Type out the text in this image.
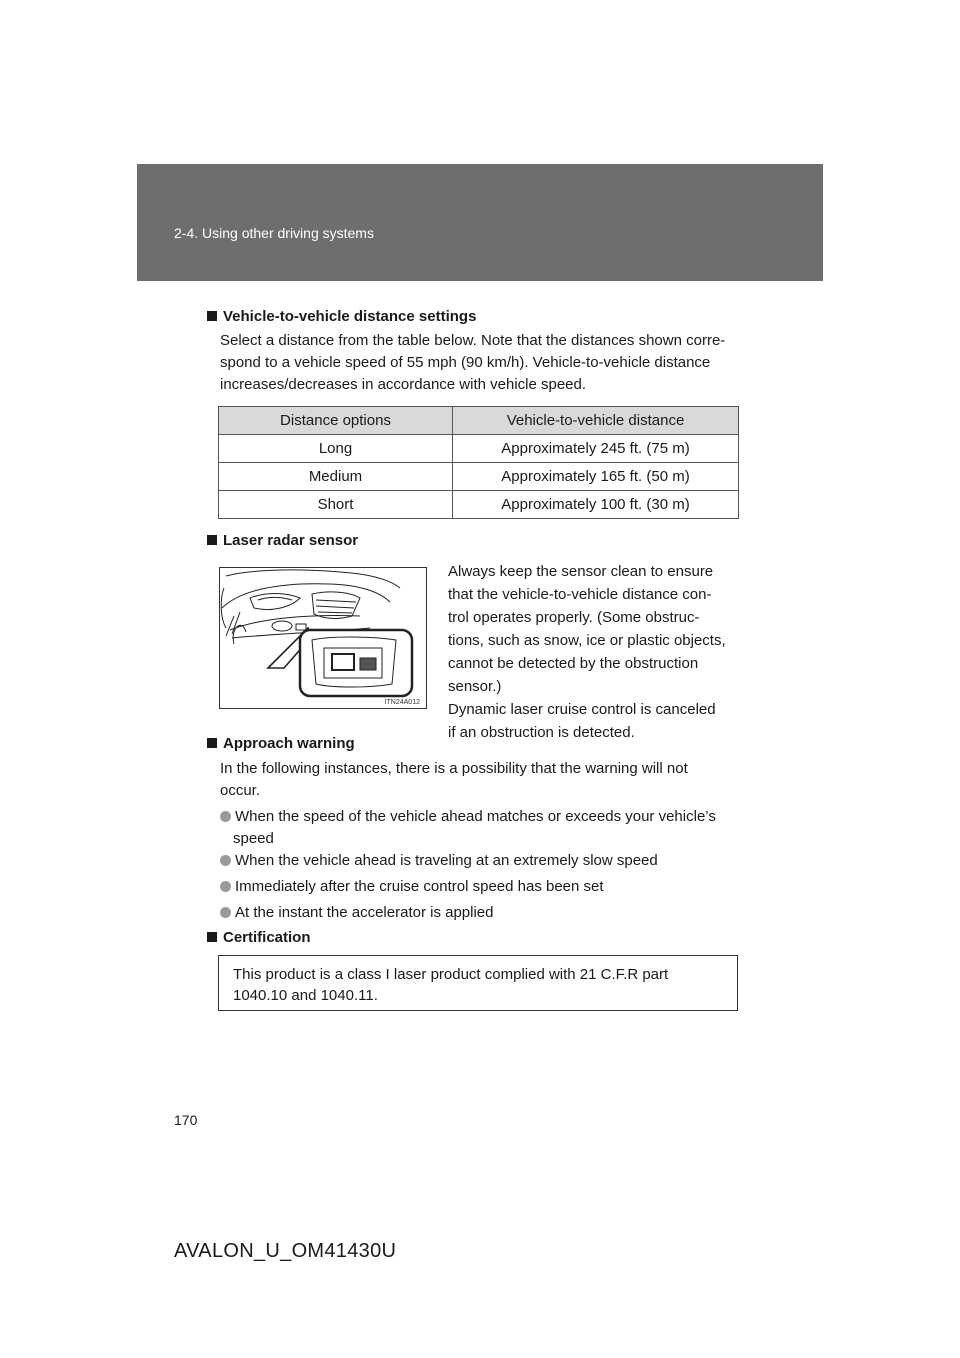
2-4. Using other driving systems
Vehicle-to-vehicle distance settings
Select a distance from the table below. Note that the distances shown corre-
spond to a vehicle speed of 55 mph (90 km/h). Vehicle-to-vehicle distance
increases/decreases in accordance with vehicle speed.
Distance options	Vehicle-to-vehicle distance
Long	Approximately 245 ft. (75 m)
Medium	Approximately 165 ft. (50 m)
Short	Approximately 100 ft. (30 m)
Laser radar sensor
ITN24A012
Always keep the sensor clean to ensure
that the vehicle-to-vehicle distance con-
trol operates properly. (Some obstruc-
tions, such as snow, ice or plastic objects,
cannot be detected by the obstruction
sensor.)
Dynamic laser cruise control is canceled
if an obstruction is detected.
Approach warning
In the following instances, there is a possibility that the warning will not
occur.
When the speed of the vehicle ahead matches or exceeds your vehicle’s
speed
When the vehicle ahead is traveling at an extremely slow speed
Immediately after the cruise control speed has been set
At the instant the accelerator is applied
Certification
This product is a class I laser product complied with 21 C.F.R part
1040.10 and 1040.11.
170
AVALON_U_OM41430U
